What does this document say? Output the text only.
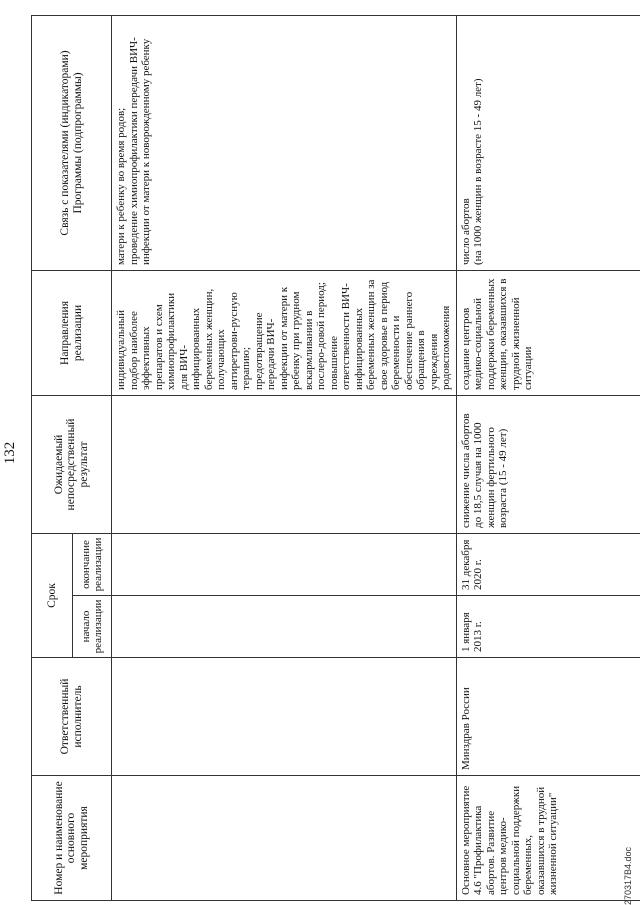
132
Номер и наименование основного мероприятия	Ответственный исполнитель	Срок		Ожидаемый непосредственный результат	Направления реализации	Связь с показателями (индикаторами) Программы (подпрограммы)
		начало реализации	окончание реализации			
					индивидуальный подбор наиболее эффективных препаратов и схем химиопрофилактики для ВИЧ-инфицированных беременных женщин, получающих антиретрови-русную терапию;
предотвращение передачи ВИЧ-инфекции от матери к ребенку при грудном вскармливании в послеро-довой период;
повышение ответственности ВИЧ-инфицированных беременных женщин за свое здоровье в период беременности и обеспечение раннего обращения в учреждения родовспоможения	матери к ребенку во время родов;
проведение химиопрофилактики передачи ВИЧ-инфекции от матери к новорожденному ребенку
Основное мероприятие 4.6 "Профилактика абортов. Развитие центров медико-социальной поддержки беременных, оказавшихся в трудной жизненной ситуации"	Минздрав России	1 января 2013 г.	31 декабря 2020 г.	снижение числа абортов до 18,5 случая на 1000 женщин фертильного возраста (15 - 49 лет)	создание центров медико-социальной поддержки беременных женщин, оказавшихся в трудной жизненной ситуации	число абортов
(на 1000 женщин в возрасте 15 - 49 лет)
270317B4.doc
